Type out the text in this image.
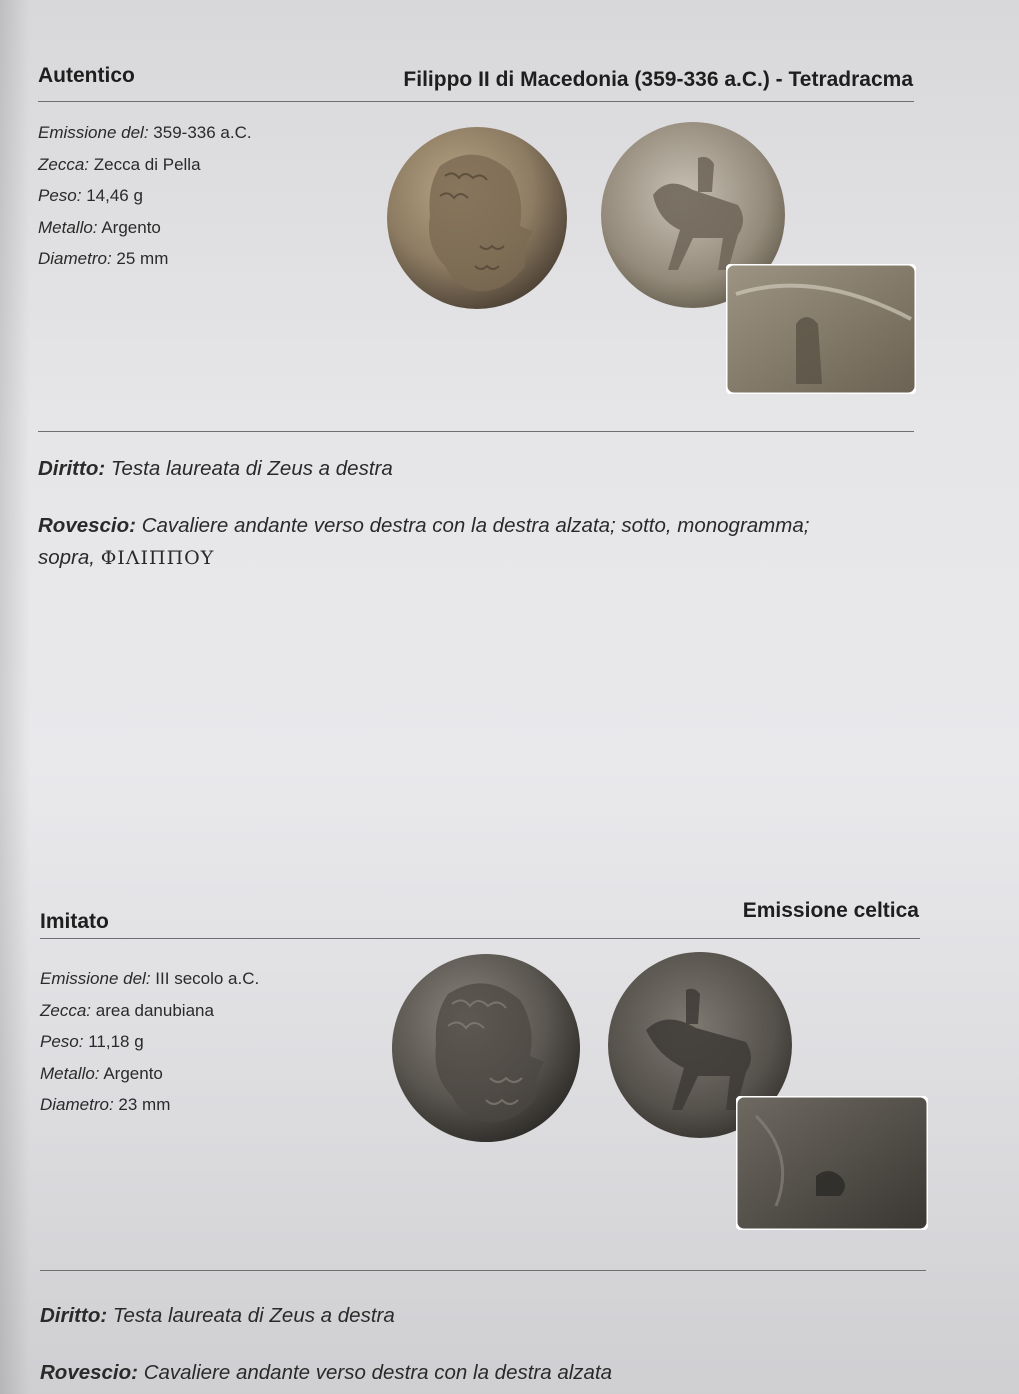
Autentico	Filippo II di Macedonia (359-336 a.C.) - Tetradracma
Emissione del: 359-336 a.C.
Zecca: Zecca di Pella
Peso: 14,46 g
Metallo: Argento
Diametro: 25 mm
Diritto: Testa laureata di Zeus a destra
Rovescio: Cavaliere andante verso destra con la destra alzata; sotto, monogramma;
sopra, ΦΙΛΙΠΠΟΥ
Imitato	Emissione celtica
Emissione del: III secolo a.C.
Zecca: area danubiana
Peso: 11,18 g
Metallo: Argento
Diametro: 23 mm
Diritto: Testa laureata di Zeus a destra
Rovescio: Cavaliere andante verso destra con la destra alzata
